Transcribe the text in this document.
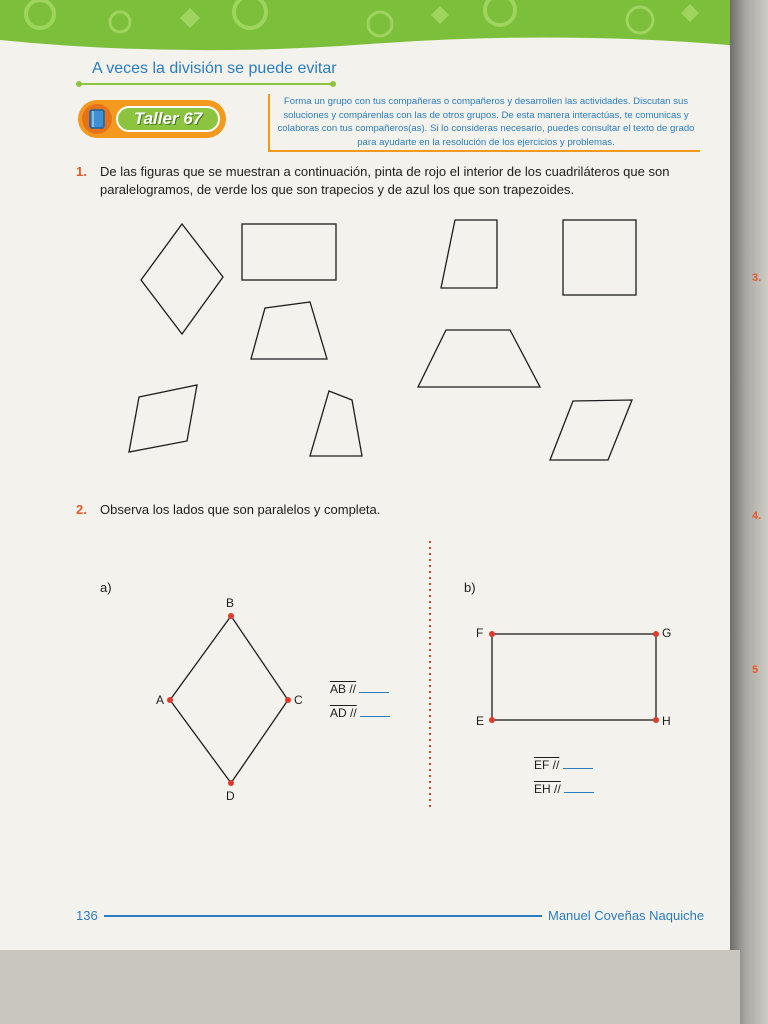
A veces la división se puede evitar

Taller 67

Forma un grupo con tus compañeras o compañeros y desarrollen las actividades. Discutan sus soluciones y compárenlas con las de otros grupos. De esta manera interactúas, te comunicas y colaboras con tus compañeros(as). Si lo consideras necesario, puedes consultar el texto de grado para ayudarte en la resolución de los ejercicios y problemas.

1. De las figuras que se muestran a continuación, pinta de rojo el interior de los cuadriláteros que son paralelogramos, de verde los que son trapecios y de azul los que son trapezoides.

2. Observa los lados que son paralelos y completa.

a)
B
A	C
D
AB //
AD //
b)
F	G
E	H
EF //
EH //
136	Manuel Coveñas Naquiche
3.
4.
5
